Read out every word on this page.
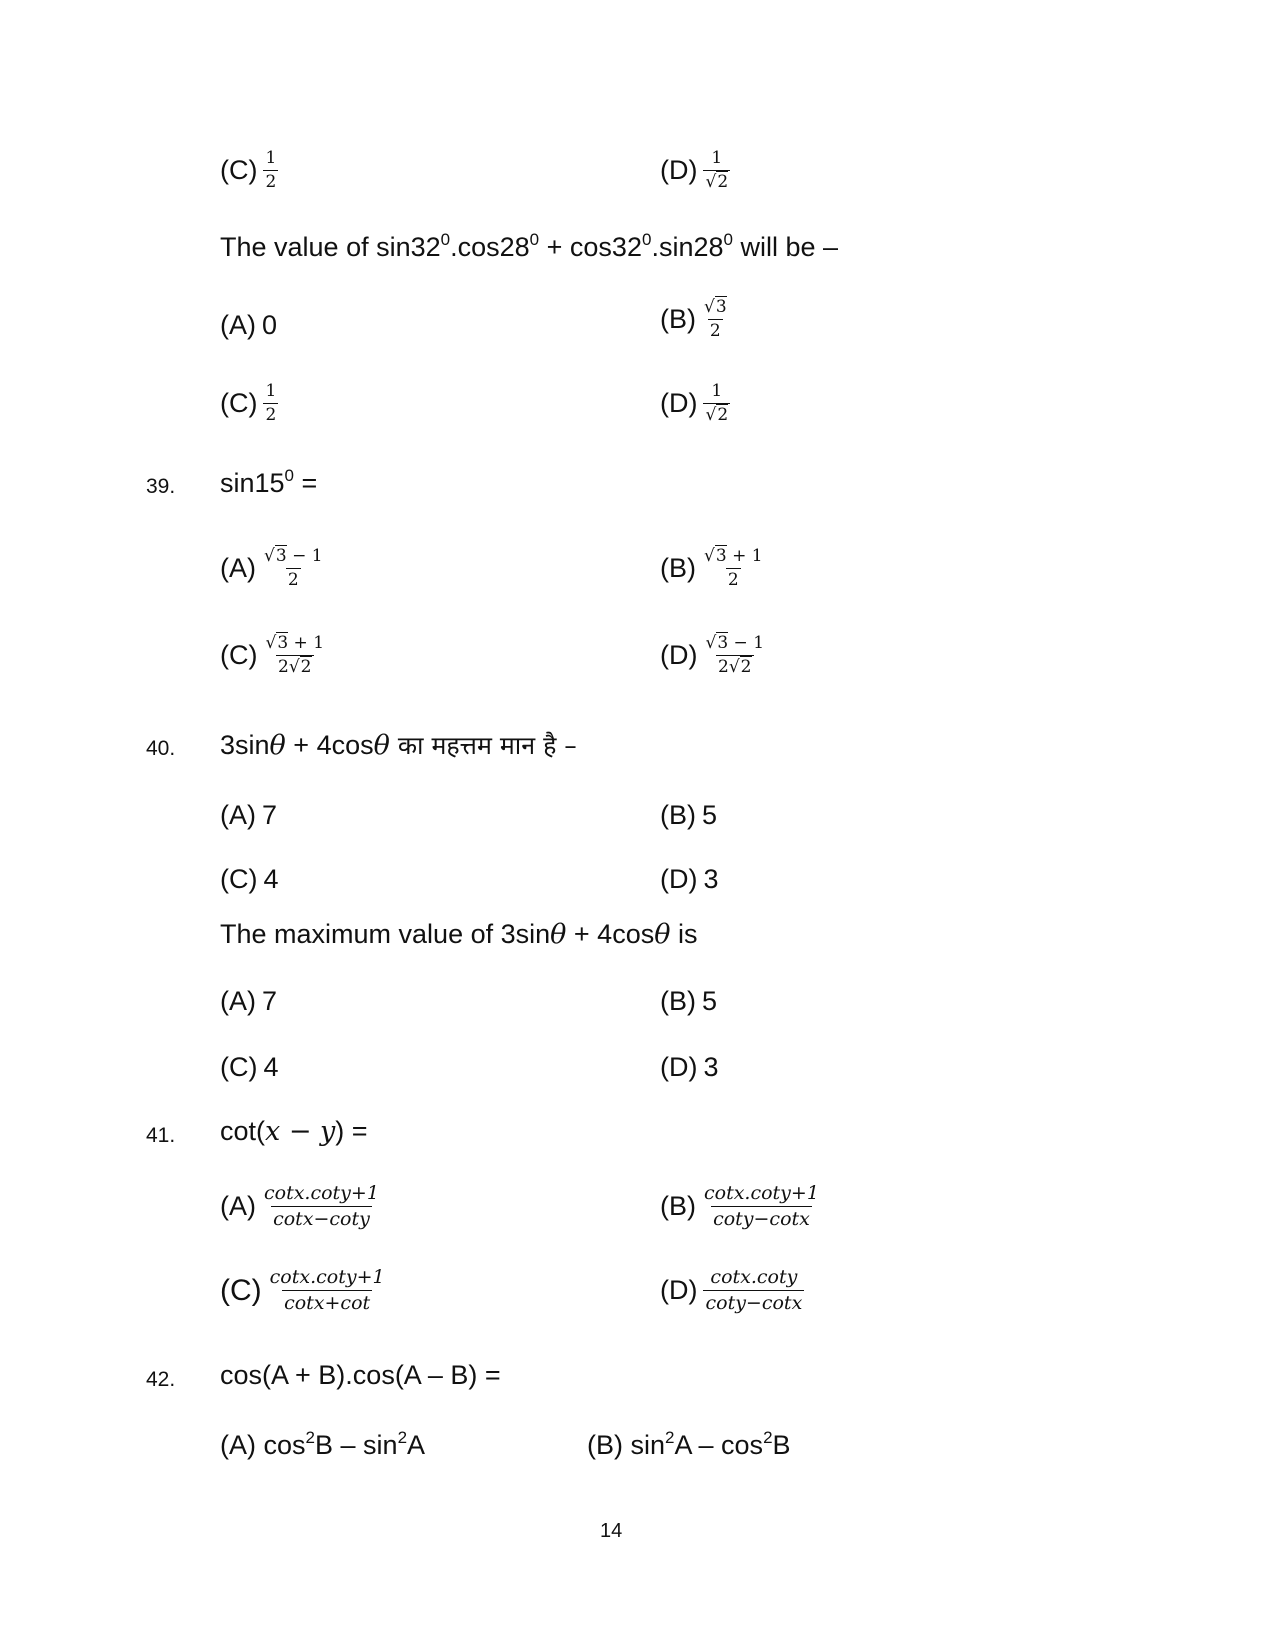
$(C) \frac{1}{2}$	$(D) \frac{1}{√2}$
The value of $\sin 32^0.\cos 28^0 + \cos 32^0.\sin 28^0$ will be –
(A) 0	$(B) \frac{√3}{2}$
$(C) \frac{1}{2}$	$(D) \frac{1}{√2}$
39. $\sin 15^0$ =
$(A) \frac{√3 - 1}{2}$	$(B) \frac{√3 + 1}{2}$
$(C) \frac{√3 + 1}{2√2}$	$(D) \frac{√3 - 1}{2√2}$
40. 3sinθ + 4cosθ का महत्तम मान है –
(A) 7	(B) 5
(C) 4	(D) 3
The maximum value of 3sinθ + 4cosθ is
(A) 7	(B) 5
(C) 4	(D) 3
41. cot(x − y) =
$(A) \frac{\cot x.\cot y+1}{\cot x-\cot y}$	$(B) \frac{\cot x.\cot y+1}{\cot y-\cot x}$
$(C) \frac{\cot x.\cot y+1}{\cot x+\cot}$	$(D) \frac{\cot x.\cot y}{\cot y-\cot x}$
42. cos(A + B).cos(A – B) =
(A) $\cos^2B - \sin^2A$	(B) $\sin^2A - \cos^2B$
14
